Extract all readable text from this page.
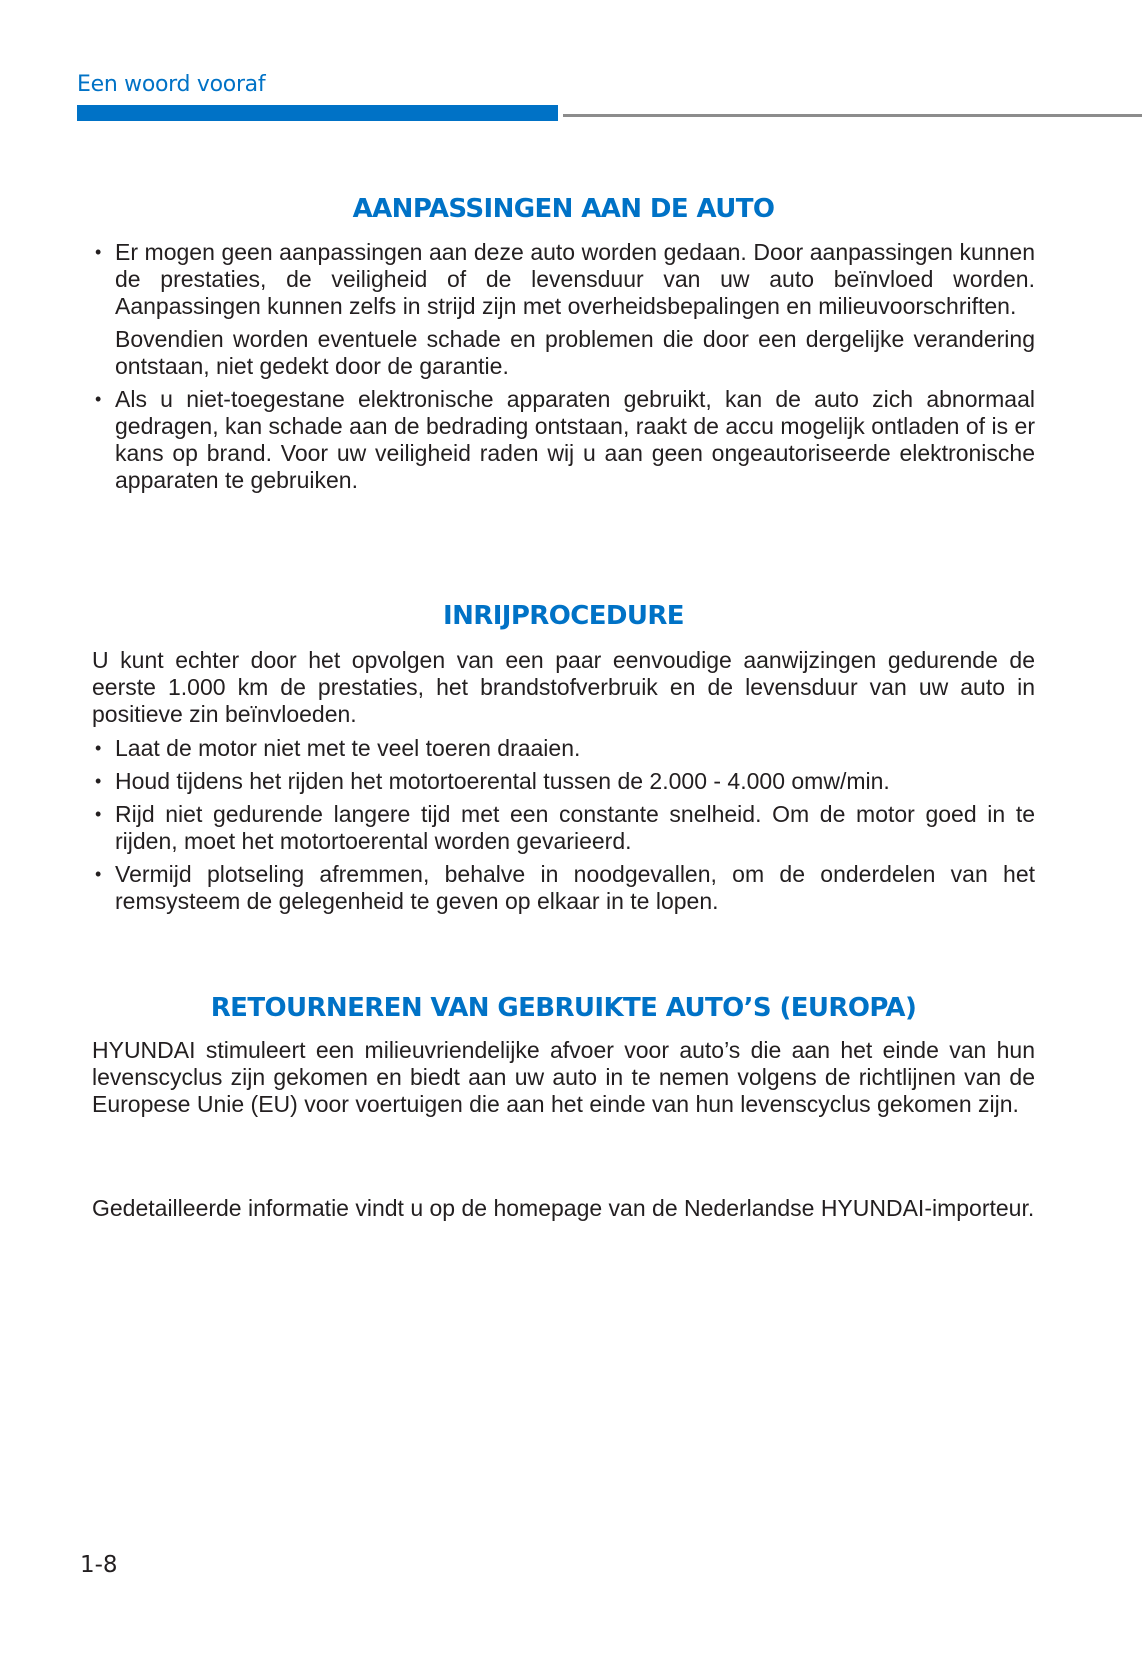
Een woord vooraf
AANPASSINGEN AAN DE AUTO
• Er mogen geen aanpassingen aan deze auto worden gedaan. Door aanpassingen kunnen de prestaties, de veiligheid of de levensduur van uw auto beïnvloed worden. Aanpassingen kunnen zelfs in strijd zijn met overheidsbepalingen en milieuvoorschriften.
Bovendien worden eventuele schade en problemen die door een dergelijke verandering ontstaan, niet gedekt door de garantie.
• Als u niet-toegestane elektronische apparaten gebruikt, kan de auto zich abnormaal gedragen, kan schade aan de bedrading ontstaan, raakt de accu mogelijk ontladen of is er kans op brand. Voor uw veiligheid raden wij u aan geen ongeautoriseerde elektronische apparaten te gebruiken.
INRIJPROCEDURE

U kunt echter door het opvolgen van een paar eenvoudige aanwijzingen gedurende de eerste 1.000 km de prestaties, het brandstofverbruik en de levensduur van uw auto in positieve zin beïnvloeden.

• Laat de motor niet met te veel toeren draaien.
• Houd tijdens het rijden het motortoerental tussen de 2.000 - 4.000 omw/min.
• Rijd niet gedurende langere tijd met een constante snelheid. Om de motor goed in te rijden, moet het motortoerental worden gevarieerd.
• Vermijd plotseling afremmen, behalve in noodgevallen, om de onderdelen van het remsysteem de gelegenheid te geven op elkaar in te lopen.
RETOURNEREN VAN GEBRUIKTE AUTO’S (EUROPA)

HYUNDAI stimuleert een milieuvriendelijke afvoer voor auto’s die aan het einde van hun levenscyclus zijn gekomen en biedt aan uw auto in te nemen volgens de richtlijnen van de Europese Unie (EU) voor voertuigen die aan het einde van hun levenscyclus gekomen zijn.

Gedetailleerde informatie vindt u op de homepage van de Nederlandse HYUNDAI-importeur.

1-8
